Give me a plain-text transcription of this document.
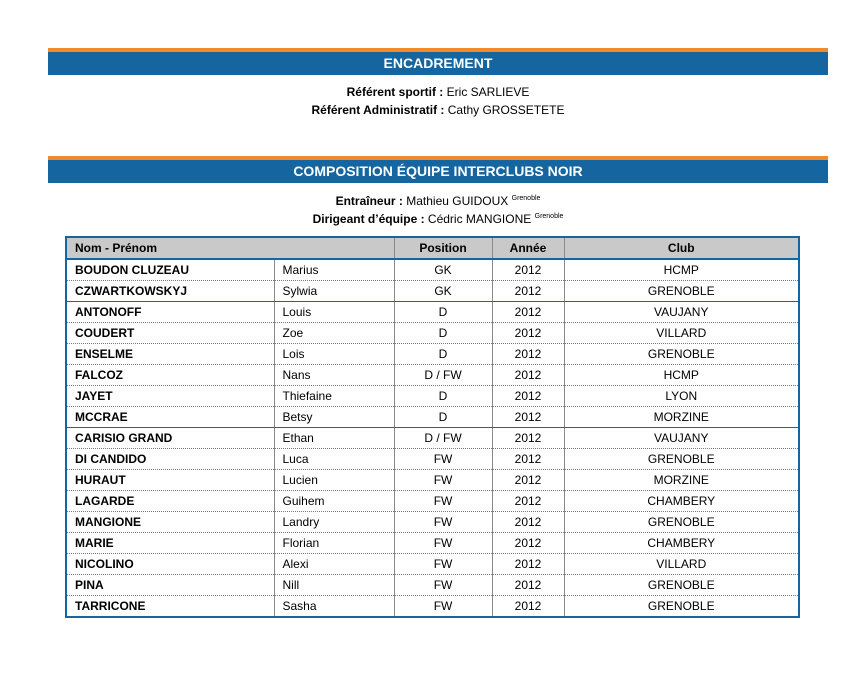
ENCADREMENT
Référent sportif : Eric SARLIEVE
Référent Administratif : Cathy GROSSETETE
COMPOSITION ÉQUIPE INTERCLUBS NOIR
Entraîneur : Mathieu GUIDOUX $^{Grenoble}$
Dirigeant d’équipe : Cédric MANGIONE $^{Grenoble}$
Nom - Prénom		Position	Année	Club
BOUDON CLUZEAU	Marius	GK	2012	HCMP
CZWARTKOWSKYJ	Sylwia	GK	2012	GRENOBLE
ANTONOFF	Louis	D	2012	VAUJANY
COUDERT	Zoe	D	2012	VILLARD
ENSELME	Lois	D	2012	GRENOBLE
FALCOZ	Nans	D / FW	2012	HCMP
JAYET	Thiefaine	D	2012	LYON
MCCRAE	Betsy	D	2012	MORZINE
CARISIO GRAND	Ethan	D / FW	2012	VAUJANY
DI CANDIDO	Luca	FW	2012	GRENOBLE
HURAUT	Lucien	FW	2012	MORZINE
LAGARDE	Guihem	FW	2012	CHAMBERY
MANGIONE	Landry	FW	2012	GRENOBLE
MARIE	Florian	FW	2012	CHAMBERY
NICOLINO	Alexi	FW	2012	VILLARD
PINA	Nill	FW	2012	GRENOBLE
TARRICONE	Sasha	FW	2012	GRENOBLE
